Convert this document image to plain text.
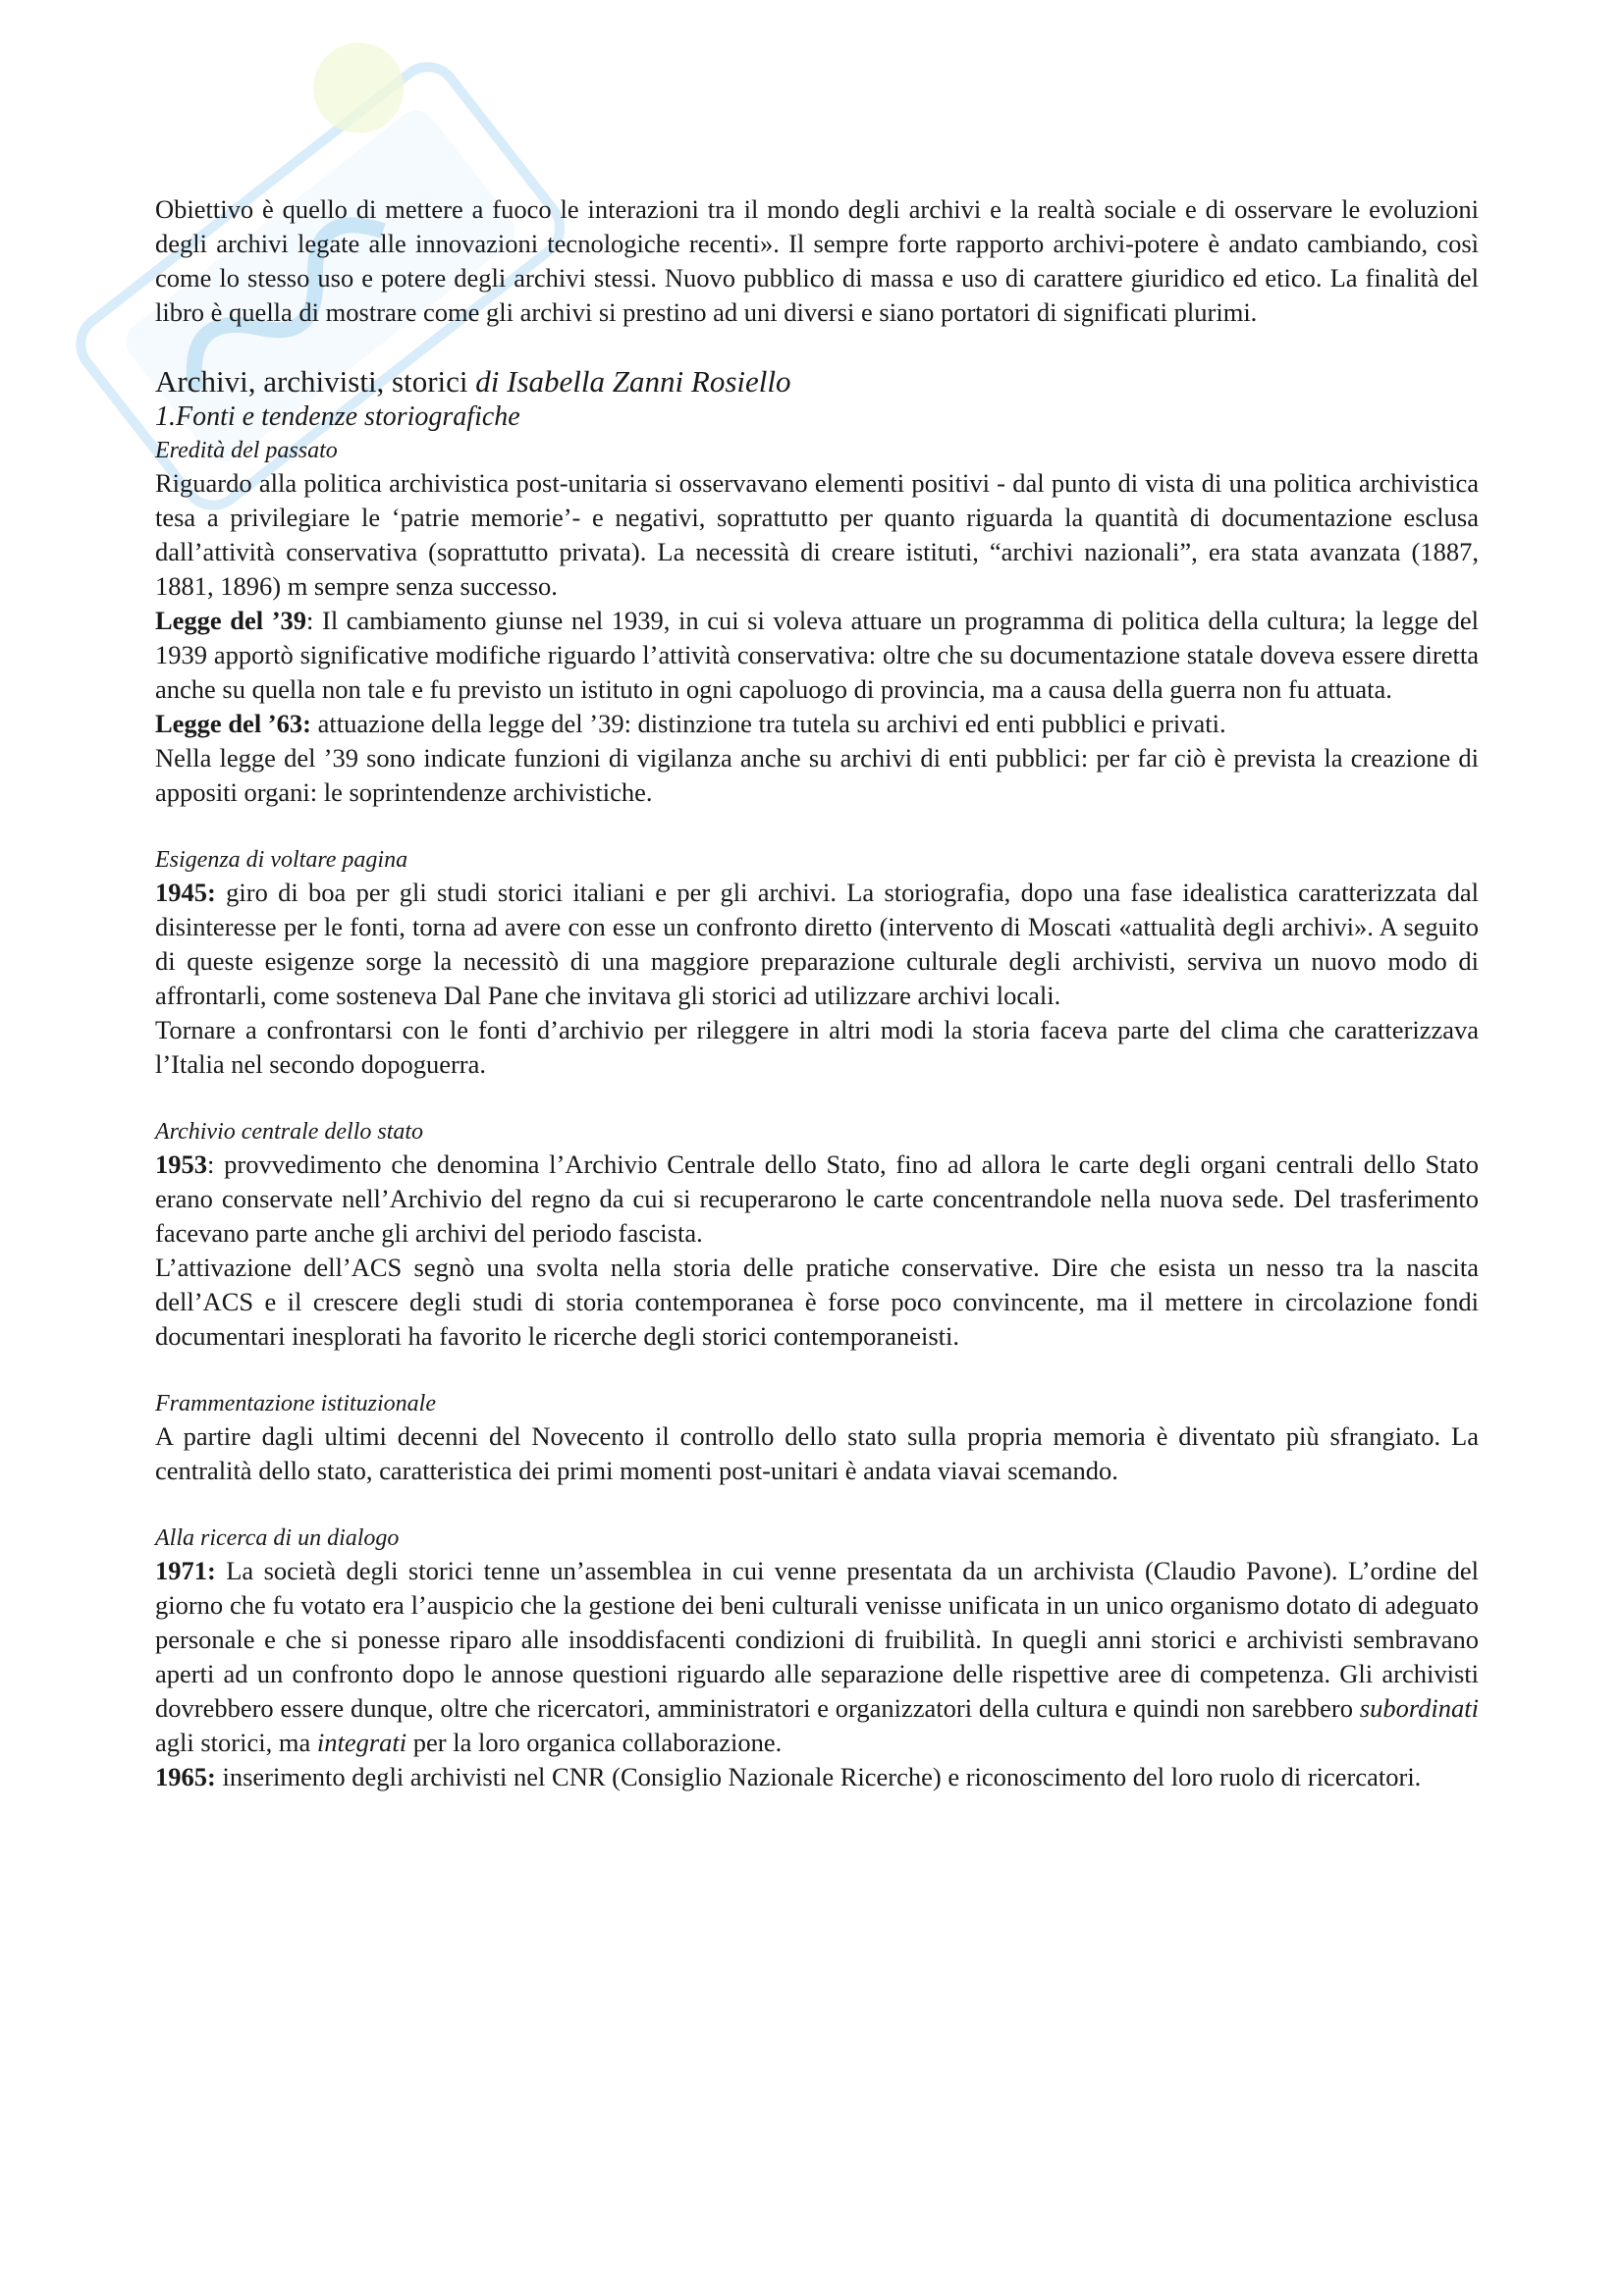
Obiettivo è quello di mettere a fuoco le interazioni tra il mondo degli archivi e la realtà sociale e di osservare le evoluzioni degli archivi legate alle innovazioni tecnologiche recenti». Il sempre forte rapporto archivi-potere è andato cambiando, così come lo stesso uso e potere degli archivi stessi. Nuovo pubblico di massa e uso di carattere giuridico ed etico. La finalità del libro è quella di mostrare come gli archivi si prestino ad uni diversi e siano portatori di significati plurimi.

Archivi, archivisti, storici di Isabella Zanni Rosiello
1.Fonti e tendenze storiografiche
Eredità del passato

Riguardo alla politica archivistica post-unitaria si osservavano elementi positivi - dal punto di vista di una politica archivistica tesa a privilegiare le ‘patrie memorie’- e negativi, soprattutto per quanto riguarda la quantità di documentazione esclusa dall’attività conservativa (soprattutto privata). La necessità di creare istituti, “archivi nazionali”, era stata avanzata (1887, 1881, 1896) m sempre senza successo.

Legge del ’39: Il cambiamento giunse nel 1939, in cui si voleva attuare un programma di politica della cultura; la legge del 1939 apportò significative modifiche riguardo l’attività conservativa: oltre che su documentazione statale doveva essere diretta anche su quella non tale e fu previsto un istituto in ogni capoluogo di provincia, ma a causa della guerra non fu attuata.

Legge del ’63: attuazione della legge del ’39: distinzione tra tutela su archivi ed enti pubblici e privati.

Nella legge del ’39 sono indicate funzioni di vigilanza anche su archivi di enti pubblici: per far ciò è prevista la creazione di appositi organi: le soprintendenze archivistiche.

Esigenza di voltare pagina

1945: giro di boa per gli studi storici italiani e per gli archivi. La storiografia, dopo una fase idealistica caratterizzata dal disinteresse per le fonti, torna ad avere con esse un confronto diretto (intervento di Moscati «attualità degli archivi». A seguito di queste esigenze sorge la necessitò di una maggiore preparazione culturale degli archivisti, serviva un nuovo modo di affrontarli, come sosteneva Dal Pane che invitava gli storici ad utilizzare archivi locali.

Tornare a confrontarsi con le fonti d’archivio per rileggere in altri modi la storia faceva parte del clima che caratterizzava l’Italia nel secondo dopoguerra.

Archivio centrale dello stato

1953: provvedimento che denomina l’Archivio Centrale dello Stato, fino ad allora le carte degli organi centrali dello Stato erano conservate nell’Archivio del regno da cui si recuperarono le carte concentrandole nella nuova sede. Del trasferimento facevano parte anche gli archivi del periodo fascista.

L’attivazione dell’ACS segnò una svolta nella storia delle pratiche conservative. Dire che esista un nesso tra la nascita dell’ACS e il crescere degli studi di storia contemporanea è forse poco convincente, ma il mettere in circolazione fondi documentari inesplorati ha favorito le ricerche degli storici contemporaneisti.

Frammentazione istituzionale

A partire dagli ultimi decenni del Novecento il controllo dello stato sulla propria memoria è diventato più sfrangiato. La centralità dello stato, caratteristica dei primi momenti post-unitari è andata viavai scemando.

Alla ricerca di un dialogo

1971: La società degli storici tenne un’assemblea in cui venne presentata da un archivista (Claudio Pavone). L’ordine del giorno che fu votato era l’auspicio che la gestione dei beni culturali venisse unificata in un unico organismo dotato di adeguato personale e che si ponesse riparo alle insoddisfacenti condizioni di fruibilità. In quegli anni storici e archivisti sembravano aperti ad un confronto dopo le annose questioni riguardo alle separazione delle rispettive aree di competenza. Gli archivisti dovrebbero essere dunque, oltre che ricercatori, amministratori e organizzatori della cultura e quindi non sarebbero subordinati agli storici, ma integrati per la loro organica collaborazione.

1965: inserimento degli archivisti nel CNR (Consiglio Nazionale Ricerche) e riconoscimento del loro ruolo di ricercatori.
